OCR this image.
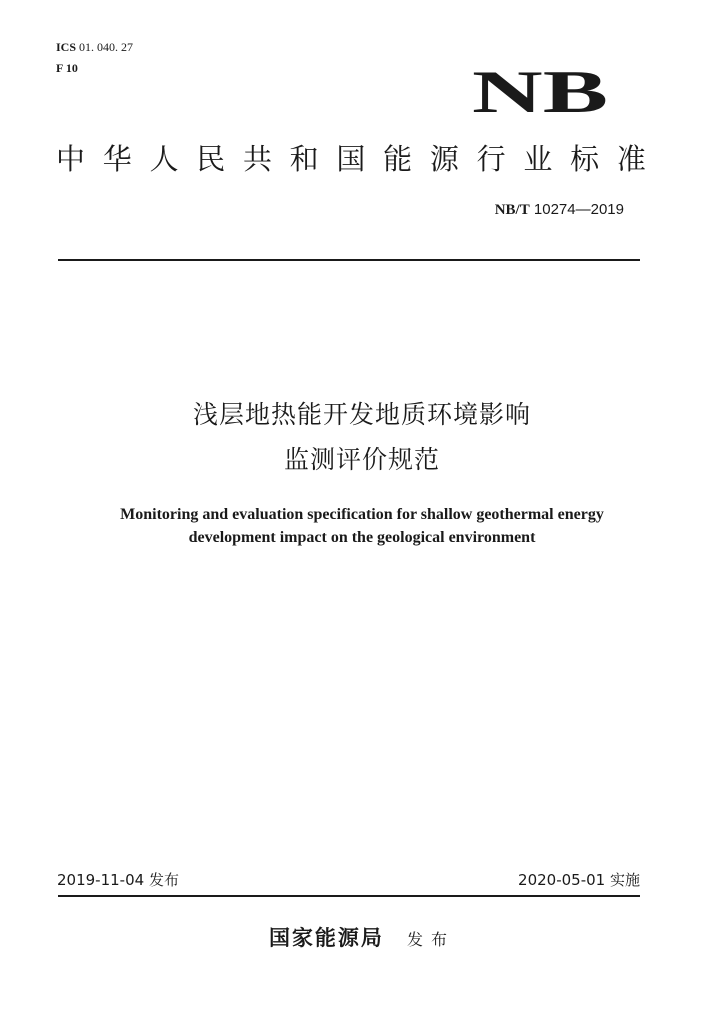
ICS 01. 040. 27
F 10	NB
中 华 人 民 共 和 国 能 源 行 业 标 准
NB/T 10274—2019
浅层地热能开发地质环境影响
监测评价规范
Monitoring and evaluation specification for shallow geothermal energy
development impact on the geological environment
2019-11-04 发布	2020-05-01 实施
国家能源局 发布
